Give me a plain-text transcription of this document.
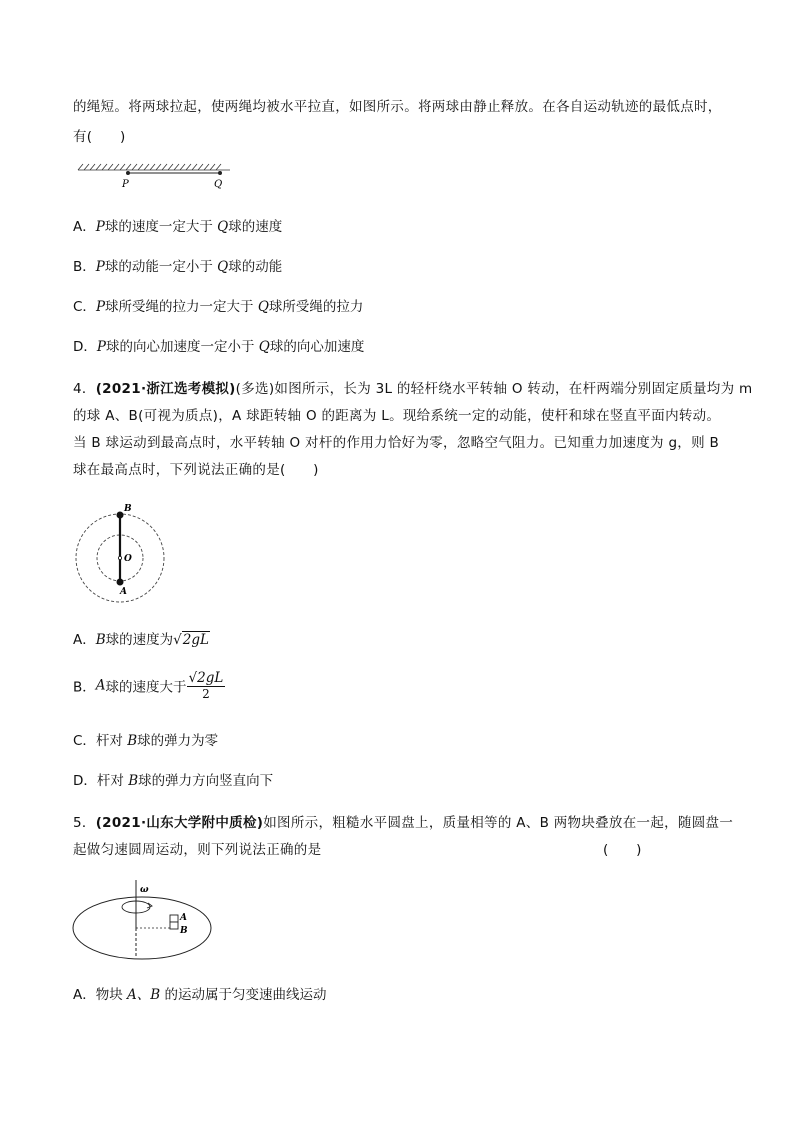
的绳短。将两球拉起，使两绳均被水平拉直，如图所示。将两球由静止释放。在各自运动轨迹的最低点时，
有(　　)
P	Q
A．P球的速度一定大于 Q球的速度
B．P球的动能一定小于 Q球的动能
C．P球所受绳的拉力一定大于 Q球所受绳的拉力
D．P球的向心加速度一定小于 Q球的向心加速度
4．(2021·浙江选考模拟)(多选)如图所示，长为 3L 的轻杆绕水平转轴 O 转动，在杆两端分别固定质量均为 m
的球 A、B(可视为质点)，A 球距转轴 O 的距离为 L。现给系统一定的动能，使杆和球在竖直平面内转动。
当 B 球运动到最高点时，水平转轴 O 对杆的作用力恰好为零，忽略空气阻力。已知重力加速度为 g，则 B
球在最高点时，下列说法正确的是(　　)
B
O
A
A．B球的速度为√2gL
B．A球的速度大于 $\frac{√2gL}{2}$
C．杆对 B球的弹力为零
D．杆对 B球的弹力方向竖直向下
5．(2021·山东大学附中质检)如图所示，粗糙水平圆盘上，质量相等的 A、B 两物块叠放在一起，随圆盘一
起做匀速圆周运动，则下列说法正确的是	(　　)
ω
A
B
A．物块 A、B 的运动属于匀变速曲线运动
